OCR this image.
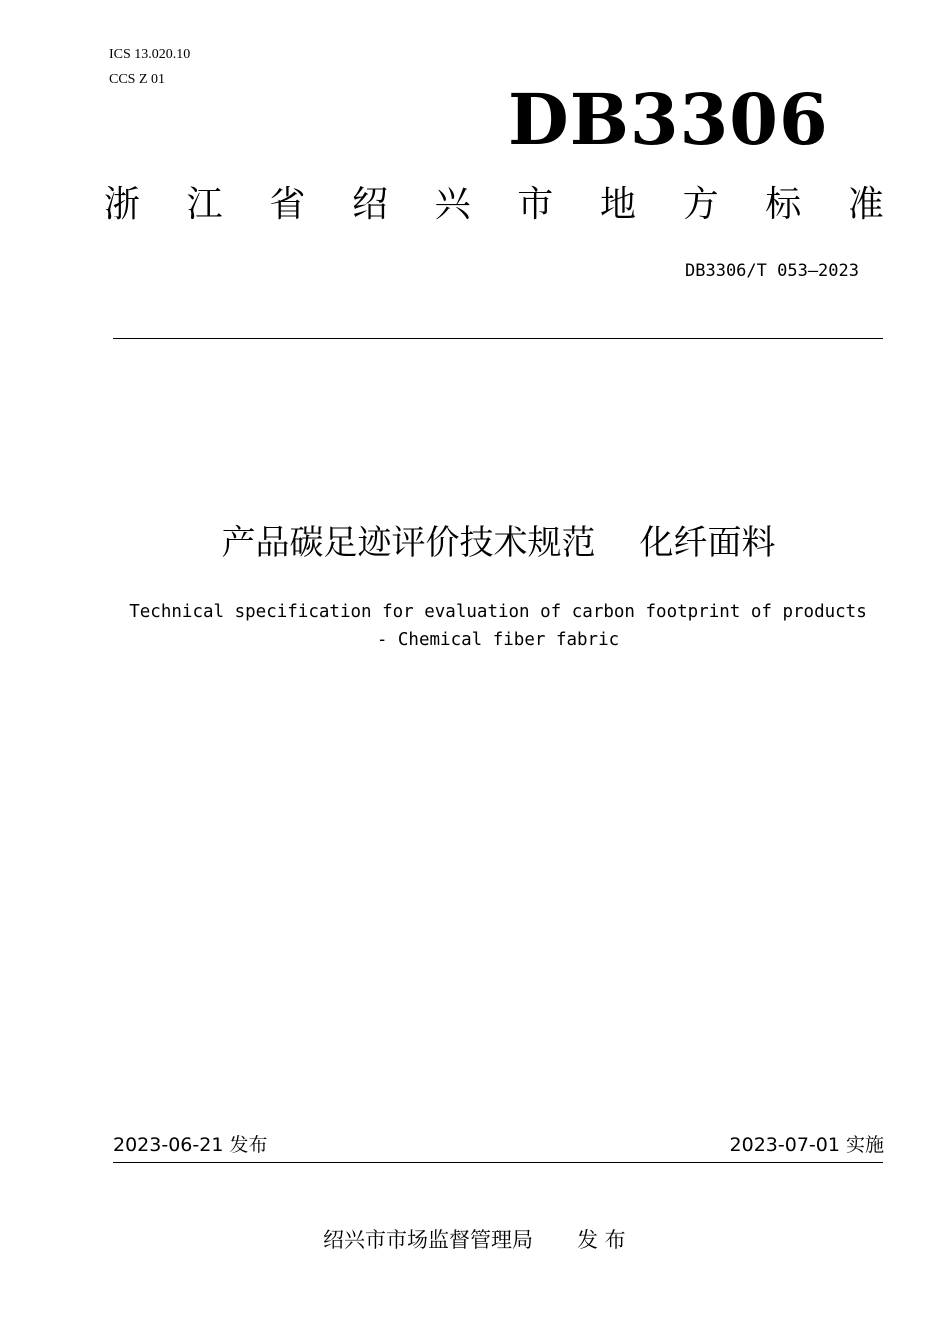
ICS 13.020.10
CCS Z 01	DB3306
浙 江 省 绍 兴 市 地 方 标 准
DB3306/T 053—2023
产品碳足迹评价技术规范 化纤面料
Technical specification for evaluation of carbon footprint of products
- Chemical fiber fabric
2023-06-21 发布	2023-07-01 实施
绍兴市市场监督管理局 发 布
